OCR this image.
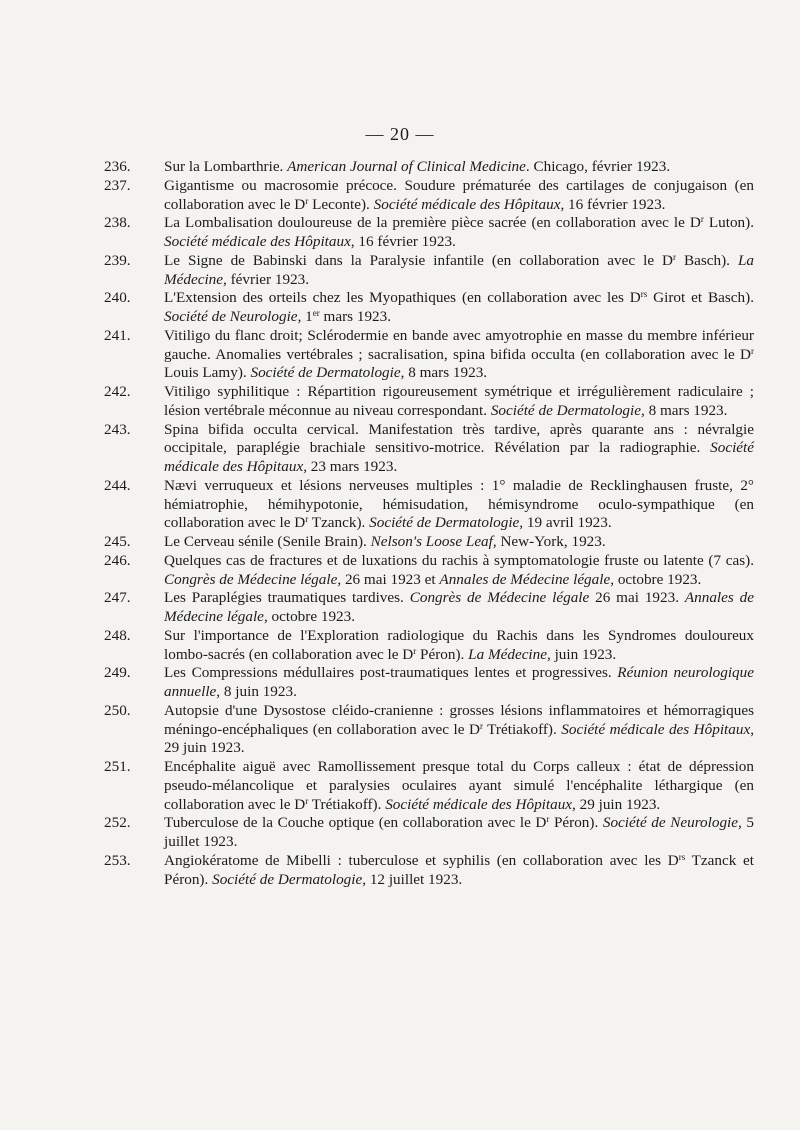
— 20 —
236. Sur la Lombarthrie. American Journal of Clinical Medicine. Chicago, février 1923.
237. Gigantisme ou macrosomie précoce. Soudure prématurée des cartilages de conjugaison (en collaboration avec le $D^r$ Leconte). Société médicale des Hôpitaux, 16 février 1923.
238. La Lombalisation douloureuse de la première pièce sacrée (en collaboration avec le $D^r$ Luton). Société médicale des Hôpitaux, 16 février 1923.
239. Le Signe de Babinski dans la Paralysie infantile (en collaboration avec le $D^r$ Basch). La Médecine, février 1923.
240. L'Extension des orteils chez les Myopathiques (en collaboration avec les $D^{rs}$ Girot et Basch). Société de Neurologie, 1er mars 1923.
241. Vitiligo du flanc droit; Sclérodermie en bande avec amyotrophie en masse du membre inférieur gauche. Anomalies vertébrales ; sacralisation, spina bifida occulta (en collaboration avec le $D^r$ Louis Lamy). Société de Dermatologie, 8 mars 1923.
242. Vitiligo syphilitique : Répartition rigoureusement symétrique et irrégulièrement radiculaire ; lésion vertébrale méconnue au niveau correspondant. Société de Dermatologie, 8 mars 1923.
243. Spina bifida occulta cervical. Manifestation très tardive, après quarante ans : névralgie occipitale, paraplégie brachiale sensitivo-motrice. Révélation par la radiographie. Société médicale des Hôpitaux, 23 mars 1923.
244. Nævi verruqueux et lésions nerveuses multiples : 1° maladie de Recklinghausen fruste, 2° hémiatrophie, hémihypotonie, hémisudation, hémisyndrome oculo-sympathique (en collaboration avec le $D^r$ Tzanck). Société de Dermatologie, 19 avril 1923.
245. Le Cerveau sénile (Senile Brain). Nelson's Loose Leaf, New-York, 1923.
246. Quelques cas de fractures et de luxations du rachis à symptomatologie fruste ou latente (7 cas). Congrès de Médecine légale, 26 mai 1923 et Annales de Médecine légale, octobre 1923.
247. Les Paraplégies traumatiques tardives. Congrès de Médecine légale 26 mai 1923. Annales de Médecine légale, octobre 1923.
248. Sur l'importance de l'Exploration radiologique du Rachis dans les Syndromes douloureux lombo-sacrés (en collaboration avec le $D^r$ Péron). La Médecine, juin 1923.
249. Les Compressions médullaires post-traumatiques lentes et progressives. Réunion neurologique annuelle, 8 juin 1923.
250. Autopsie d'une Dysostose cléido-cranienne : grosses lésions inflammatoires et hémorragiques méningo-encéphaliques (en collaboration avec le $D^r$ Trétiakoff). Société médicale des Hôpitaux, 29 juin 1923.
251. Encéphalite aiguë avec Ramollissement presque total du Corps calleux : état de dépression pseudo-mélancolique et paralysies oculaires ayant simulé l'encéphalite léthargique (en collaboration avec le $D^r$ Trétiakoff). Société médicale des Hôpitaux, 29 juin 1923.
252. Tuberculose de la Couche optique (en collaboration avec le $D^r$ Péron). Société de Neurologie, 5 juillet 1923.
253. Angiokératome de Mibelli : tuberculose et syphilis (en collaboration avec les $D^{rs}$ Tzanck et Péron). Société de Dermatologie, 12 juillet 1923.
